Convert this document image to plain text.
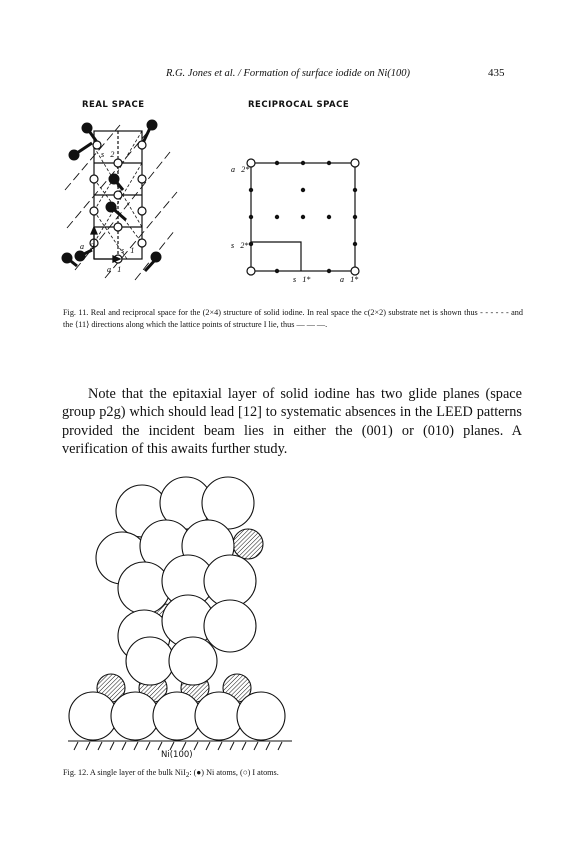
R.G. Jones et al. / Formation of surface iodide on Ni(100)	435
REAL SPACE	RECIPROCAL SPACE
s⃗2
a⃗2	s⃗1
a⃗1
a⃗2*
s⃗2*
s⃗1*	a⃗1*
Fig. 11. Real and reciprocal space for the (2×4) structure of solid iodine. In real space the c(2×2) substrate net is shown thus - - - - - - and the ⟨11⟩ directions along which the lattice points of structure I lie, thus — — —.
Note that the epitaxial layer of solid iodine has two glide planes (space group p2g) which should lead [12] to systematic absences in the LEED patterns provided the incident beam lies in either the (001) or (010) planes. A verification of this awaits further study.
Ni(100)
Fig. 12. A single layer of the bulk NiI2: (●) Ni atoms, (○) I atoms.
